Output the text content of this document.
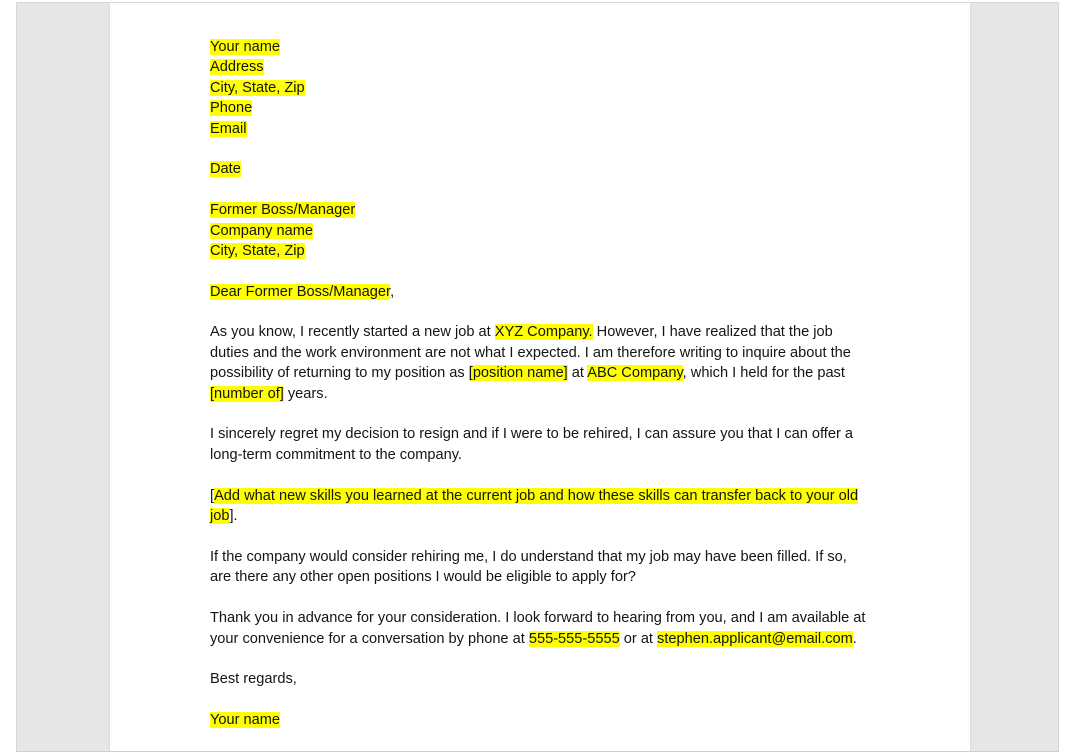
Your name
Address
City, State, Zip
Phone
Email
Date
Former Boss/Manager
Company name
City, State, Zip
Dear Former Boss/Manager,

As you know, I recently started a new job at XYZ Company. However, I have realized that the job duties and the work environment are not what I expected. I am therefore writing to inquire about the possibility of returning to my position as [position name] at ABC Company, which I held for the past [number of] years.

I sincerely regret my decision to resign and if I were to be rehired, I can assure you that I can offer a long-term commitment to the company.

[Add what new skills you learned at the current job and how these skills can transfer back to your old job].

If the company would consider rehiring me, I do understand that my job may have been filled. If so, are there any other open positions I would be eligible to apply for?

Thank you in advance for your consideration. I look forward to hearing from you, and I am available at your convenience for a conversation by phone at 555-555-5555 or at stephen.applicant@email.com.

Best regards,
Your name
